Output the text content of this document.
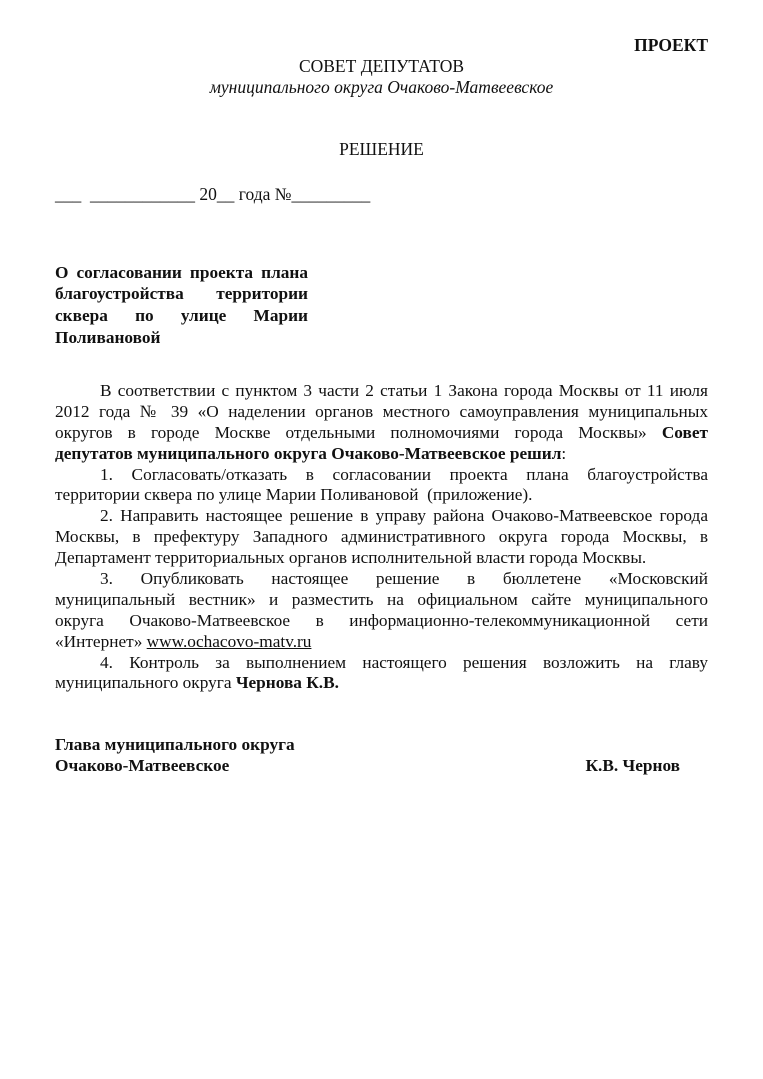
ПРОЕКТ
СОВЕТ ДЕПУТАТОВ
муниципального округа Очаково-Матвеевское
РЕШЕНИЕ
___  ____________ 20__ года №_________
О согласовании проекта плана
благоустройства территории
сквера по улице Марии
Поливановой
В соответствии с пунктом 3 части 2 статьи 1 Закона города Москвы от 11 июля
2012 года № 39 «О наделении органов местного самоуправления муниципальных
округов в городе Москве отдельными полномочиями города Москвы» Совет
депутатов муниципального округа Очаково-Матвеевское решил:
1. Согласовать/отказать в согласовании проекта плана благоустройства
территории сквера по улице Марии Поливановой  (приложение).
2. Направить настоящее решение в управу района Очаково-Матвеевское города
Москвы, в префектуру Западного административного округа города Москвы, в
Департамент территориальных органов исполнительной власти города Москвы.
3. Опубликовать настоящее решение в бюллетене «Московский
муниципальный вестник» и разместить на официальном сайте муниципального
округа Очаково-Матвеевское в информационно-телекоммуникационной сети
«Интернет» www.ochacovo-matv.ru
4. Контроль за выполнением настоящего решения возложить на главу
муниципального округа Чернова К.В.
Глава муниципального округа
Очаково-Матвеевское	К.В. Чернов
